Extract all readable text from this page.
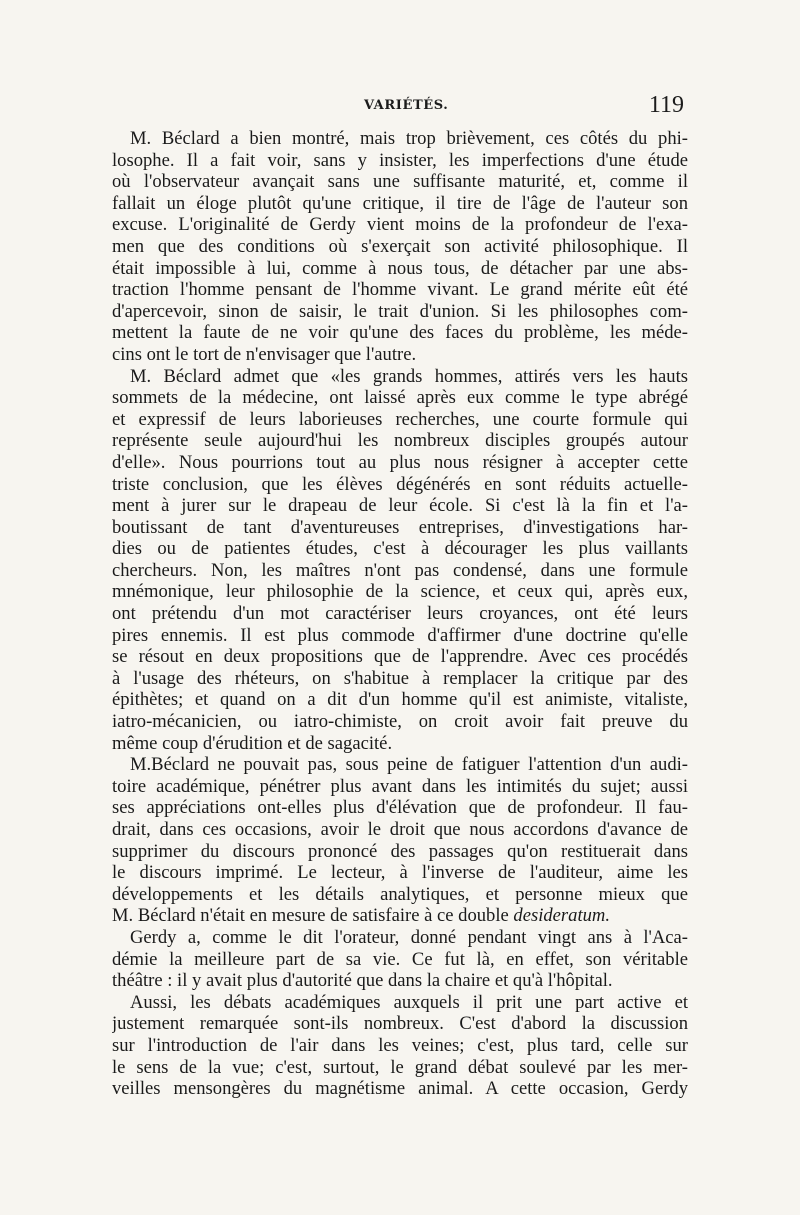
VARIÉTÉS.	119
M. Béclard a bien montré, mais trop brièvement, ces côtés du phi-
losophe. Il a fait voir, sans y insister, les imperfections d'une étude
où l'observateur avançait sans une suffisante maturité, et, comme il
fallait un éloge plutôt qu'une critique, il tire de l'âge de l'auteur son
excuse. L'originalité de Gerdy vient moins de la profondeur de l'exa-
men que des conditions où s'exerçait son activité philosophique. Il
était impossible à lui, comme à nous tous, de détacher par une abs-
traction l'homme pensant de l'homme vivant. Le grand mérite eût été
d'apercevoir, sinon de saisir, le trait d'union. Si les philosophes com-
mettent la faute de ne voir qu'une des faces du problème, les méde-
cins ont le tort de n'envisager que l'autre.
M. Béclard admet que «les grands hommes, attirés vers les hauts
sommets de la médecine, ont laissé après eux comme le type abrégé
et expressif de leurs laborieuses recherches, une courte formule qui
représente seule aujourd'hui les nombreux disciples groupés autour
d'elle». Nous pourrions tout au plus nous résigner à accepter cette
triste conclusion, que les élèves dégénérés en sont réduits actuelle-
ment à jurer sur le drapeau de leur école. Si c'est là la fin et l'a-
boutissant de tant d'aventureuses entreprises, d'investigations har-
dies ou de patientes études, c'est à décourager les plus vaillants
chercheurs. Non, les maîtres n'ont pas condensé, dans une formule
mnémonique, leur philosophie de la science, et ceux qui, après eux,
ont prétendu d'un mot caractériser leurs croyances, ont été leurs
pires ennemis. Il est plus commode d'affirmer d'une doctrine qu'elle
se résout en deux propositions que de l'apprendre. Avec ces procédés
à l'usage des rhéteurs, on s'habitue à remplacer la critique par des
épithètes; et quand on a dit d'un homme qu'il est animiste, vitaliste,
iatro-mécanicien, ou iatro-chimiste, on croit avoir fait preuve du
même coup d'érudition et de sagacité.
M.Béclard ne pouvait pas, sous peine de fatiguer l'attention d'un audi-
toire académique, pénétrer plus avant dans les intimités du sujet; aussi
ses appréciations ont-elles plus d'élévation que de profondeur. Il fau-
drait, dans ces occasions, avoir le droit que nous accordons d'avance de
supprimer du discours prononcé des passages qu'on restituerait dans
le discours imprimé. Le lecteur, à l'inverse de l'auditeur, aime les
développements et les détails analytiques, et personne mieux que
M. Béclard n'était en mesure de satisfaire à ce double desideratum.
Gerdy a, comme le dit l'orateur, donné pendant vingt ans à l'Aca-
démie la meilleure part de sa vie. Ce fut là, en effet, son véritable
théâtre : il y avait plus d'autorité que dans la chaire et qu'à l'hôpital.
Aussi, les débats académiques auxquels il prit une part active et
justement remarquée sont-ils nombreux. C'est d'abord la discussion
sur l'introduction de l'air dans les veines; c'est, plus tard, celle sur
le sens de la vue; c'est, surtout, le grand débat soulevé par les mer-
veilles mensongères du magnétisme animal. A cette occasion, Gerdy
